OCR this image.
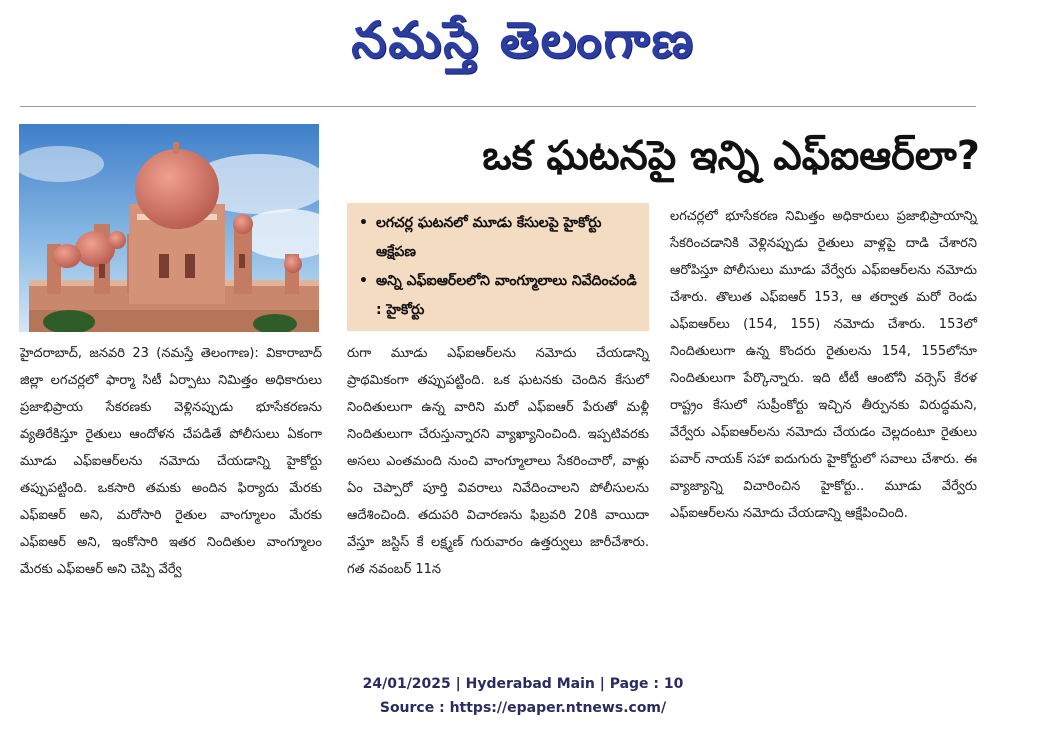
నమస్తే తెలంగాణ
ఒక ఘటనపై ఇన్ని ఎఫ్‌ఐఆర్‌లా?
• లగచర్ల ఘటనలో మూడు కేసులపై హైకోర్టు ఆక్షేపణ
• అన్ని ఎఫ్‌ఐఆర్‌లలోని వాంగ్మూలాలు నివేదించండి : హైకోర్టు

హైదరాబాద్‌, జనవరి 23 (నమస్తే తెలంగాణ): వికారాబాద్‌ జిల్లా లగచర్లలో ఫార్మా సిటీ ఏర్పాటు నిమిత్తం అధికారులు ప్రజాభిప్రాయ సేకరణకు వెళ్లినప్పుడు భూసేకరణను వ్యతిరేకిస్తూ రైతులు ఆందోళన చేపడితే పోలీసులు ఏకంగా మూడు ఎఫ్‌ఐఆర్‌లను నమోదు చేయడాన్ని హైకోర్టు తప్పుపట్టింది. ఒకసారి తమకు అందిన ఫిర్యాదు మేరకు ఎఫ్‌ఐఆర్‌ అని, మరోసారి రైతుల వాంగ్మూలం మేరకు ఎఫ్‌ఐఆర్‌ అని, ఇంకోసారి ఇతర నిందితుల వాంగ్మూలం మేరకు ఎఫ్‌ఐఆర్‌ అని చెప్పి వేర్వే

రుగా మూడు ఎఫ్‌ఐఆర్‌లను నమోదు చేయడాన్ని ప్రాథమికంగా తప్పుపట్టింది. ఒక ఘటనకు చెందిన కేసులో నిందితులుగా ఉన్న వారిని మరో ఎఫ్‌ఐఆర్‌ పేరుతో మళ్లీ నిందితులుగా చేరుస్తున్నారని వ్యాఖ్యానించింది. ఇప్పటివరకు అసలు ఎంతమంది నుంచి వాంగ్మూలాలు సేకరించారో, వాళ్లు ఏం చెప్పారో పూర్తి వివరాలు నివేదించాలని పోలీసులను ఆదేశించింది. తదుపరి విచారణను ఫిబ్రవరి 20కి వాయిదా వేస్తూ జస్టిస్‌ కే లక్ష్మణ్‌ గురువారం ఉత్తర్వులు జారీచేశారు. గత నవంబర్‌ 11న

లగచర్లలో భూసేకరణ నిమిత్తం అధికారులు ప్రజాభిప్రాయాన్ని సేకరించడానికి వెళ్లినప్పుడు రైతులు వాళ్లపై దాడి చేశారని ఆరోపిస్తూ పోలీసులు మూడు వేర్వేరు ఎఫ్‌ఐఆర్‌లను నమోదు చేశారు. తొలుత ఎఫ్‌ఐఆర్‌ 153, ఆ తర్వాత మరో రెండు ఎఫ్‌ఐఆర్‌లు (154, 155) నమోదు చేశారు. 153లో నిందితులుగా ఉన్న కొందరు రైతులను 154, 155లోనూ నిందితులుగా పేర్కొన్నారు. ఇది టీటీ ఆంటోనీ వర్సెస్‌ కేరళ రాష్ట్రం కేసులో సుప్రీంకోర్టు ఇచ్చిన తీర్పునకు విరుద్ధమని, వేర్వేరు ఎఫ్‌ఐఆర్‌లను నమోదు చేయడం చెల్లదంటూ రైతులు పవార్‌ నాయక్‌ సహా ఐదుగురు హైకోర్టులో సవాలు చేశారు. ఈ వ్యాజ్యాన్ని విచారించిన హైకోర్టు.. మూడు వేర్వేరు ఎఫ్‌ఐఆర్‌లను నమోదు చేయడాన్ని ఆక్షేపించింది.

24/01/2025 | Hyderabad Main | Page : 10
Source : https://epaper.ntnews.com/
